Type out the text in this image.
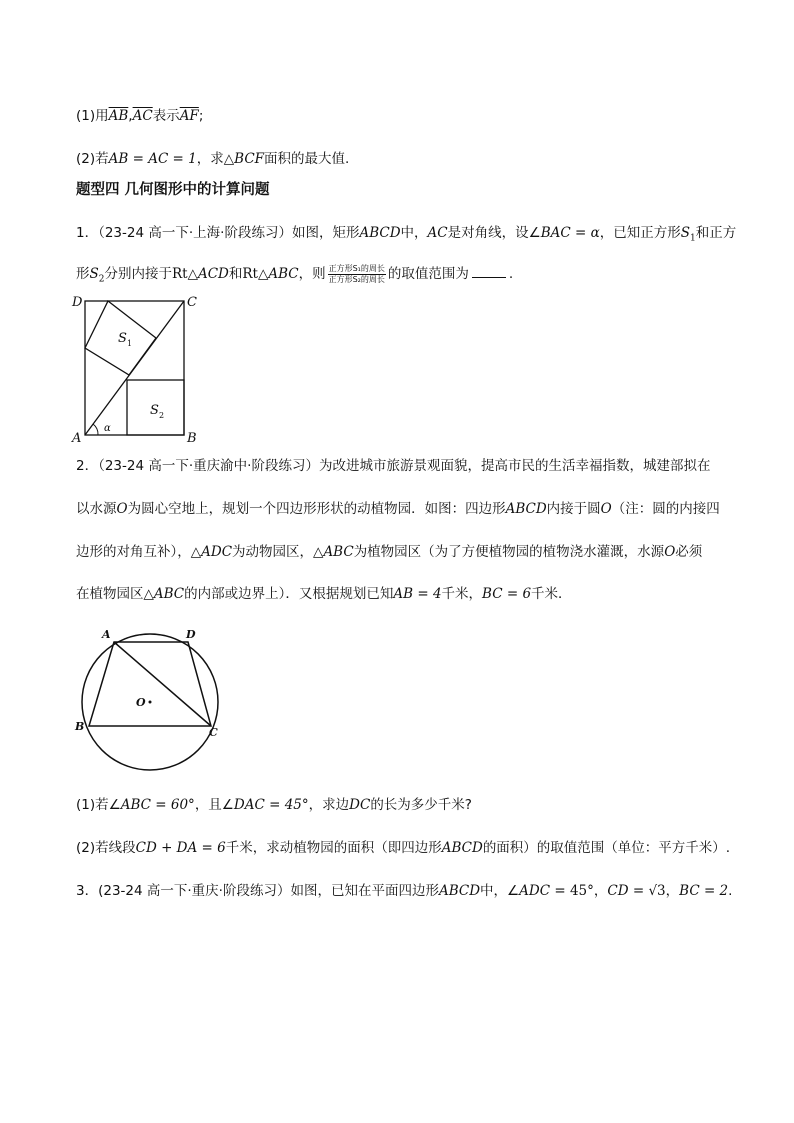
(1)用$\overline{AB},\overline{AC}$表示$\overline{AF}$;
(2)若AB = AC = 1，求△BCF面积的最大值.
题型四 几何图形中的计算问题
1．（23-24 高一下·上海·阶段练习）如图，矩形ABCD中，AC是对角线，设∠BAC = α，已知正方形$S_1$和正方
形$S_2$分别内接于Rt△ACD和Rt△ABC，则 $\frac{\text{正方形S₁的周长}}{\text{正方形S₂的周长}}$ 的取值范围为	.
D	C
A	B
S 1
S 2
α
2．（23-24 高一下·重庆渝中·阶段练习）为改进城市旅游景观面貌，提高市民的生活幸福指数，城建部拟在
以水源O为圆心空地上，规划一个四边形形状的动植物园．如图：四边形ABCD内接于圆O（注：圆的内接四
边形的对角互补），△ADC为动物园区，△ABC为植物园区（为了方便植物园的植物浇水灌溉，水源O必须
在植物园区△ABC的内部或边界上）．又根据规划已知AB = 4千米，BC = 6千米．
A	D
B	C
O
(1)若∠ABC = 60°，且∠DAC = 45°，求边DC的长为多少千米?
(2)若线段CD + DA = 6千米，求动植物园的面积（即四边形ABCD的面积）的取值范围（单位：平方千米）.
3．(23-24 高一下·重庆·阶段练习）如图，已知在平面四边形ABCD中，∠ADC = 45°，CD = √3，BC = 2.
